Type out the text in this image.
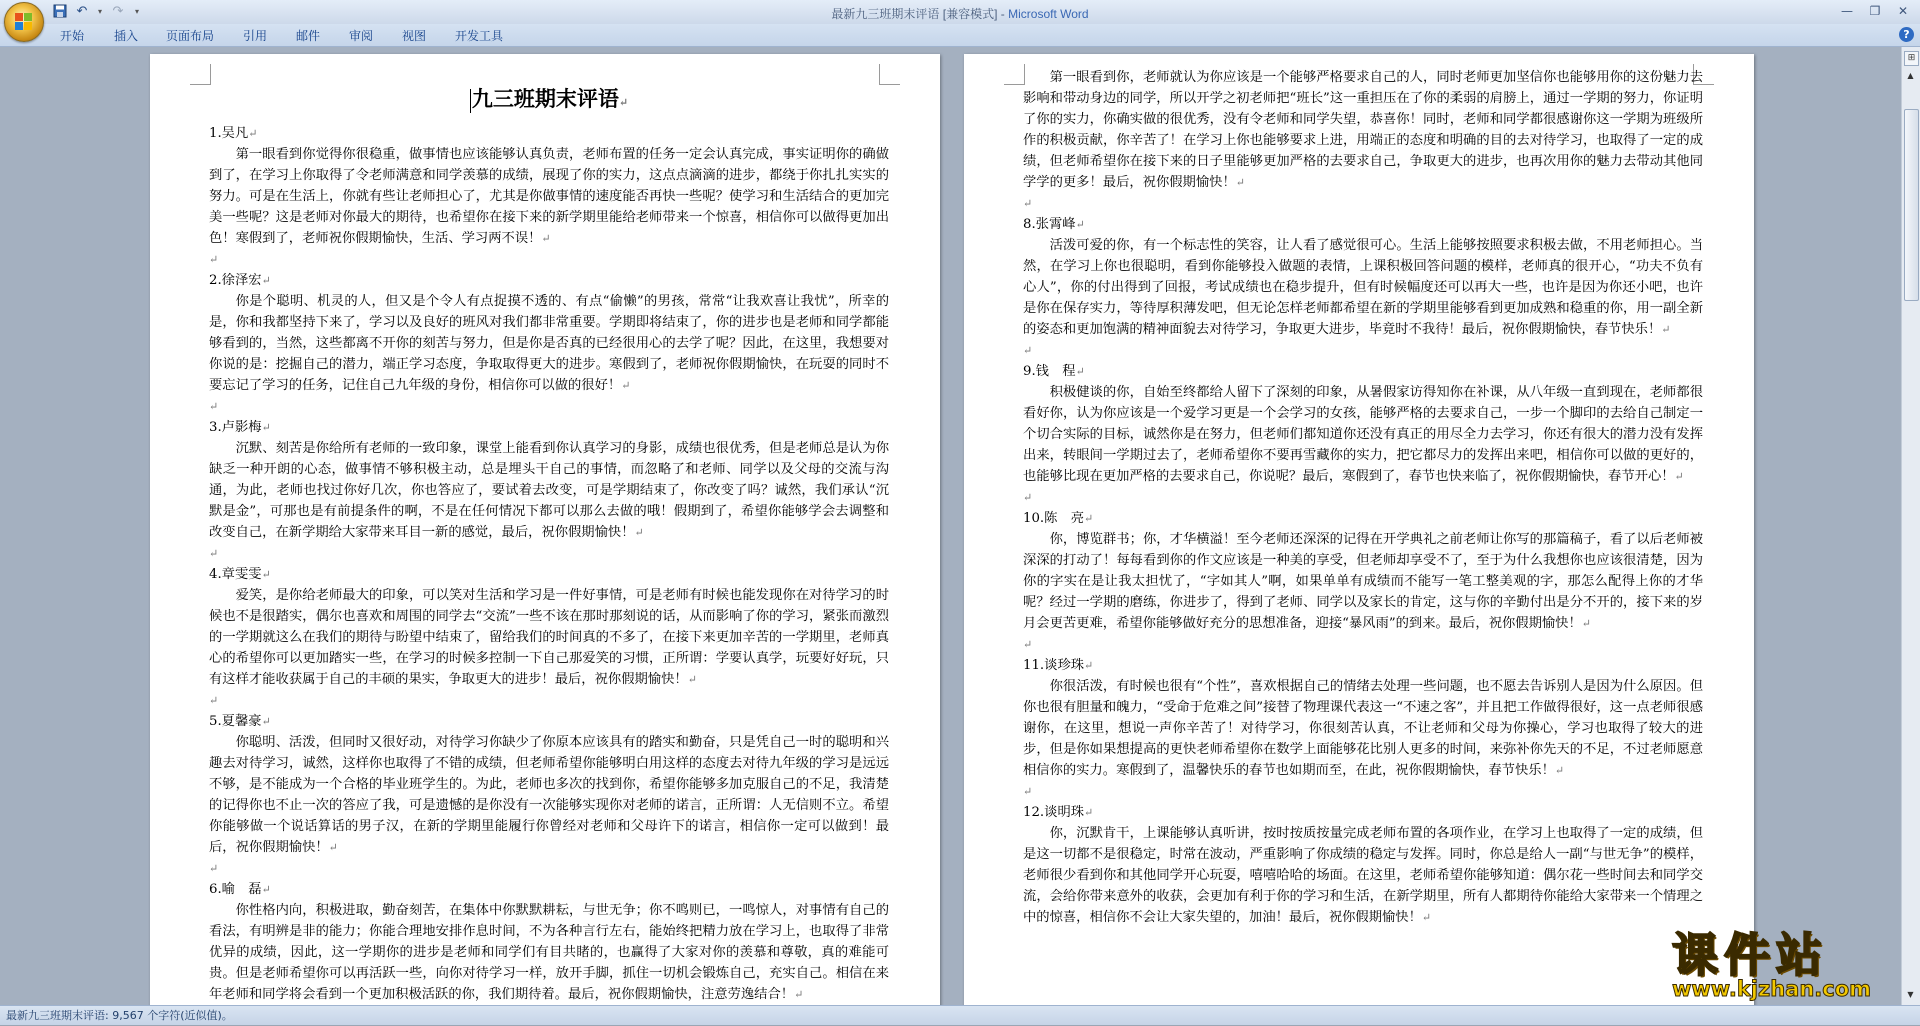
↶	▾ ↷	▾	最新九三班期末评语 [兼容模式] - Microsoft Word	—	❐	✕
开始 插入 页面布局 引用 邮件 审阅 视图 开发工具	?
九三班期末评语↵
1.吴凡↵
第一眼看到你觉得你很稳重，做事情也应该能够认真负责，老师布置的任务一定会认真完成，事实证明你的确做到了，在学习上你取得了令老师满意和同学羡慕的成绩，展现了你的实力，这点点滴滴的进步，都绕于你扎扎实实的努力。可是在生活上，你就有些让老师担心了，尤其是你做事情的速度能否再快一些呢？使学习和生活结合的更加完美一些呢？这是老师对你最大的期待，也希望你在接下来的新学期里能给老师带来一个惊喜，相信你可以做得更加出色！寒假到了，老师祝你假期愉快，生活、学习两不误！↵
↵
2.徐泽宏↵
你是个聪明、机灵的人，但又是个令人有点捉摸不透的、有点“偷懒”的男孩，常常“让我欢喜让我忧”，所幸的是，你和我都坚持下来了，学习以及良好的班风对我们都非常重要。学期即将结束了，你的进步也是老师和同学都能够看到的，当然，这些都离不开你的刻苦与努力，但是你是否真的已经很用心的去学了呢？因此，在这里，我想要对你说的是：挖掘自己的潜力，端正学习态度，争取取得更大的进步。寒假到了，老师祝你假期愉快，在玩耍的同时不要忘记了学习的任务，记住自己九年级的身份，相信你可以做的很好！↵
↵
3.卢影梅↵
沉默、刻苦是你给所有老师的一致印象，课堂上能看到你认真学习的身影，成绩也很优秀，但是老师总是认为你缺乏一种开朗的心态，做事情不够积极主动，总是埋头干自己的事情，而忽略了和老师、同学以及父母的交流与沟通，为此，老师也找过你好几次，你也答应了，要试着去改变，可是学期结束了，你改变了吗？诚然，我们承认“沉默是金”，可那也是有前提条件的啊，不是在任何情况下都可以那么去做的哦！假期到了，希望你能够学会去调整和改变自己，在新学期给大家带来耳目一新的感觉，最后，祝你假期愉快！↵
↵
4.章雯雯↵
爱笑，是你给老师最大的印象，可以笑对生活和学习是一件好事情，可是老师有时候也能发现你在对待学习的时候也不是很踏实，偶尔也喜欢和周围的同学去“交流”一些不该在那时那刻说的话，从而影响了你的学习，紧张而激烈的一学期就这么在我们的期待与盼望中结束了，留给我们的时间真的不多了，在接下来更加辛苦的一学期里，老师真心的希望你可以更加踏实一些，在学习的时候多控制一下自己那爱笑的习惯，正所谓：学要认真学，玩要好好玩，只有这样才能收获属于自己的丰硕的果实，争取更大的进步！最后，祝你假期愉快！↵
↵
5.夏馨豪↵
你聪明、活泼，但同时又很好动，对待学习你缺少了你原本应该具有的踏实和勤奋，只是凭自己一时的聪明和兴趣去对待学习，诚然，这样你也取得了不错的成绩，但老师希望你能够明白用这样的态度去对待九年级的学习是远远不够，是不能成为一个合格的毕业班学生的。为此，老师也多次的找到你，希望你能够多加克服自己的不足，我清楚的记得你也不止一次的答应了我，可是遗憾的是你没有一次能够实现你对老师的诺言，正所谓：人无信则不立。希望你能够做一个说话算话的男子汉，在新的学期里能履行你曾经对老师和父母许下的诺言，相信你一定可以做到！最后，祝你假期愉快！↵
↵
6.喻　磊↵
你性格内向，积极进取，勤奋刻苦，在集体中你默默耕耘，与世无争；你不鸣则已，一鸣惊人，对事情有自己的看法，有明辨是非的能力；你能合理地安排作息时间，不为各种言行左右，能始终把精力放在学习上，也取得了非常优异的成绩，因此，这一学期你的进步是老师和同学们有目共睹的，也赢得了大家对你的羡慕和尊敬，真的难能可贵。但是老师希望你可以再活跃一些，向你对待学习一样，放开手脚，抓住一切机会锻炼自己，充实自己。相信在来年老师和同学将会看到一个更加积极活跃的你，我们期待着。最后，祝你假期愉快，注意劳逸结合！↵
第一眼看到你，老师就认为你应该是一个能够严格要求自己的人，同时老师更加坚信你也能够用你的这份魅力去影响和带动身边的同学，所以开学之初老师把“班长”这一重担压在了你的柔弱的肩膀上，通过一学期的努力，你证明了你的实力，你确实做的很优秀，没有令老师和同学失望，恭喜你！同时，老师和同学都很感谢你这一学期为班级所作的积极贡献，你辛苦了！在学习上你也能够要求上进，用端正的态度和明确的目的去对待学习，也取得了一定的成绩，但老师希望你在接下来的日子里能够更加严格的去要求自己，争取更大的进步，也再次用你的魅力去带动其他同学学的更多！最后，祝你假期愉快！↵
↵
8.张霄峰↵
活泼可爱的你，有一个标志性的笑容，让人看了感觉很可心。生活上能够按照要求积极去做，不用老师担心。当然，在学习上你也很聪明，看到你能够投入做题的表情，上课积极回答问题的模样，老师真的很开心，“功夫不负有心人”，你的付出得到了回报，考试成绩也在稳步提升，但有时候幅度还可以再大一些，也许是因为你还小吧，也许是你在保存实力，等待厚积薄发吧，但无论怎样老师都希望在新的学期里能够看到更加成熟和稳重的你，用一副全新的姿态和更加饱满的精神面貌去对待学习，争取更大进步，毕竟时不我待！最后，祝你假期愉快，春节快乐！↵
↵
9.钱　程↵
积极健谈的你，自始至终都给人留下了深刻的印象，从暑假家访得知你在补课，从八年级一直到现在，老师都很看好你，认为你应该是一个爱学习更是一个会学习的女孩，能够严格的去要求自己，一步一个脚印的去给自己制定一个切合实际的目标，诚然你是在努力，但老师们都知道你还没有真正的用尽全力去学习，你还有很大的潜力没有发挥出来，转眼间一学期过去了，老师希望你不要再雪藏你的实力，把它都尽力的发挥出来吧，相信你可以做的更好的，也能够比现在更加严格的去要求自己，你说呢？最后，寒假到了，春节也快来临了，祝你假期愉快，春节开心！↵
↵
10.陈　亮↵
你，博览群书；你，才华横溢！至今老师还深深的记得在开学典礼之前老师让你写的那篇稿子，看了以后老师被深深的打动了！每每看到你的作文应该是一种美的享受，但老师却享受不了，至于为什么我想你也应该很清楚，因为你的字实在是让我太担忧了，“字如其人”啊，如果单单有成绩而不能写一笔工整美观的字，那怎么配得上你的才华呢？经过一学期的磨练，你进步了，得到了老师、同学以及家长的肯定，这与你的辛勤付出是分不开的，接下来的岁月会更苦更难，希望你能够做好充分的思想准备，迎接“暴风雨”的到来。最后，祝你假期愉快！↵
↵
11.谈珍珠↵
你很活泼，有时候也很有“个性”，喜欢根据自己的情绪去处理一些问题，也不愿去告诉别人是因为什么原因。但你也很有胆量和魄力，“受命于危难之间”接替了物理课代表这一“不速之客”，并且把工作做得很好，这一点老师很感谢你，在这里，想说一声你辛苦了！对待学习，你很刻苦认真，不让老师和父母为你操心，学习也取得了较大的进步，但是你如果想提高的更快老师希望你在数学上面能够花比别人更多的时间，来弥补你先天的不足，不过老师愿意相信你的实力。寒假到了，温馨快乐的春节也如期而至，在此，祝你假期愉快，春节快乐！↵
↵
12.谈明珠↵
你，沉默肯干，上课能够认真听讲，按时按质按量完成老师布置的各项作业，在学习上也取得了一定的成绩，但是这一切都不是很稳定，时常在波动，严重影响了你成绩的稳定与发挥。同时，你总是给人一副“与世无争”的模样，老师很少看到你和其他同学开心玩耍，嘻嘻哈哈的场面。在这里，老师希望你能够知道：偶尔花一些时间去和同学交流，会给你带来意外的收获，会更加有利于你的学习和生活，在新学期里，所有人都期待你能给大家带来一个情理之中的惊喜，相信你不会让大家失望的，加油！最后，祝你假期愉快！↵
⊞
▲
▼
最新九三班期末评语: 9,567 个字符(近似值)。
课件站
www.kjzhan.com
